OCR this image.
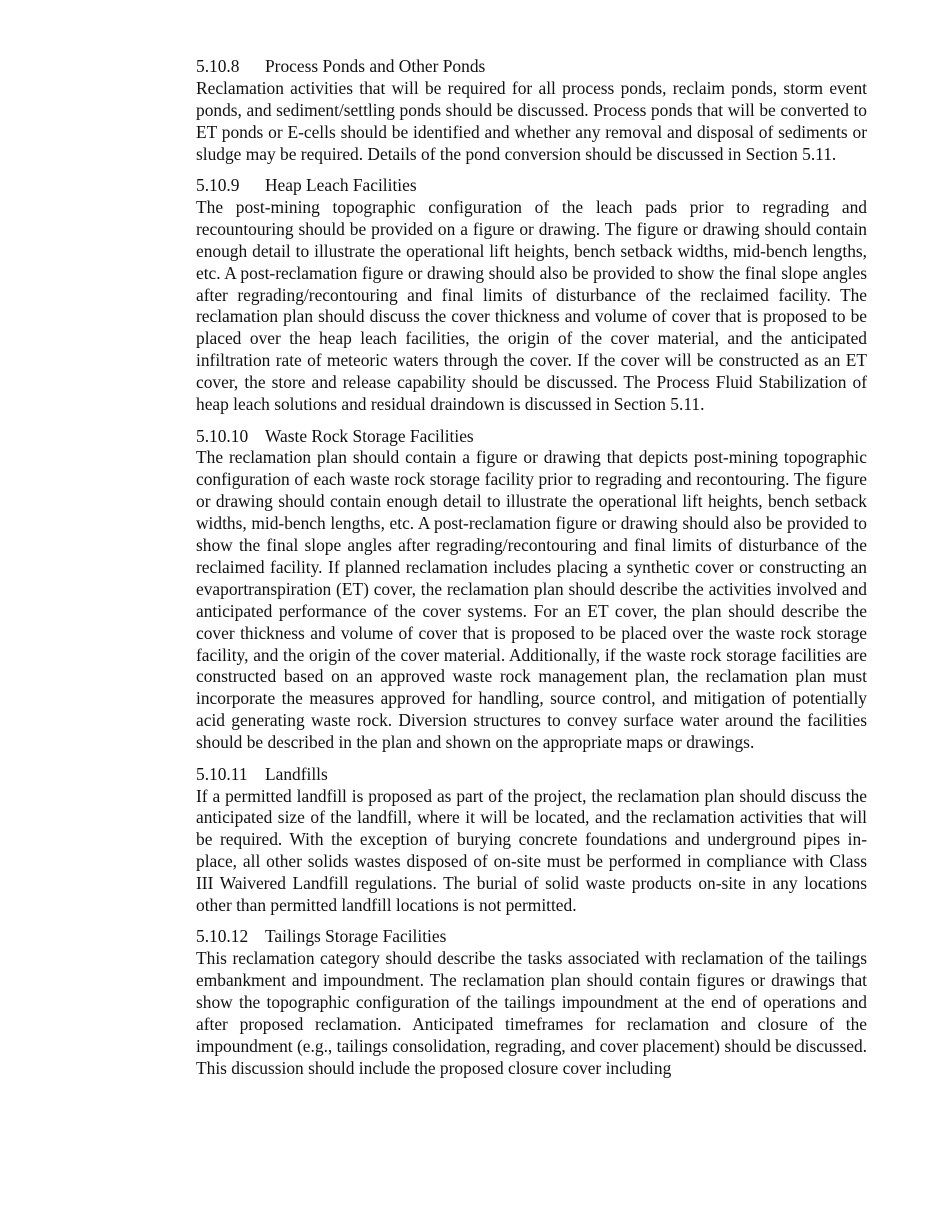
5.10.8	Process Ponds and Other Ponds

Reclamation activities that will be required for all process ponds, reclaim ponds, storm event ponds, and sediment/settling ponds should be discussed. Process ponds that will be converted to ET ponds or E-cells should be identified and whether any removal and disposal of sediments or sludge may be required. Details of the pond conversion should be discussed in Section 5.11.

5.10.9	Heap Leach Facilities

The post-mining topographic configuration of the leach pads prior to regrading and recountouring should be provided on a figure or drawing. The figure or drawing should contain enough detail to illustrate the operational lift heights, bench setback widths, mid-bench lengths, etc. A post-reclamation figure or drawing should also be provided to show the final slope angles after regrading/recontouring and final limits of disturbance of the reclaimed facility. The reclamation plan should discuss the cover thickness and volume of cover that is proposed to be placed over the heap leach facilities, the origin of the cover material, and the anticipated infiltration rate of meteoric waters through the cover. If the cover will be constructed as an ET cover, the store and release capability should be discussed. The Process Fluid Stabilization of heap leach solutions and residual draindown is discussed in Section 5.11.

5.10.10 Waste Rock Storage Facilities

The reclamation plan should contain a figure or drawing that depicts post-mining topographic configuration of each waste rock storage facility prior to regrading and recontouring. The figure or drawing should contain enough detail to illustrate the operational lift heights, bench setback widths, mid-bench lengths, etc. A post-reclamation figure or drawing should also be provided to show the final slope angles after regrading/recontouring and final limits of disturbance of the reclaimed facility. If planned reclamation includes placing a synthetic cover or constructing an evaportranspiration (ET) cover, the reclamation plan should describe the activities involved and anticipated performance of the cover systems. For an ET cover, the plan should describe the cover thickness and volume of cover that is proposed to be placed over the waste rock storage facility, and the origin of the cover material. Additionally, if the waste rock storage facilities are constructed based on an approved waste rock management plan, the reclamation plan must incorporate the measures approved for handling, source control, and mitigation of potentially acid generating waste rock. Diversion structures to convey surface water around the facilities should be described in the plan and shown on the appropriate maps or drawings.

5.10.11	Landfills

If a permitted landfill is proposed as part of the project, the reclamation plan should discuss the anticipated size of the landfill, where it will be located, and the reclamation activities that will be required. With the exception of burying concrete foundations and underground pipes in-place, all other solids wastes disposed of on-site must be performed in compliance with Class III Waivered Landfill regulations. The burial of solid waste products on-site in any locations other than permitted landfill locations is not permitted.

5.10.12 Tailings Storage Facilities

This reclamation category should describe the tasks associated with reclamation of the tailings embankment and impoundment. The reclamation plan should contain figures or drawings that show the topographic configuration of the tailings impoundment at the end of operations and after proposed reclamation. Anticipated timeframes for reclamation and closure of the impoundment (e.g., tailings consolidation, regrading, and cover placement) should be discussed. This discussion should include the proposed closure cover including
